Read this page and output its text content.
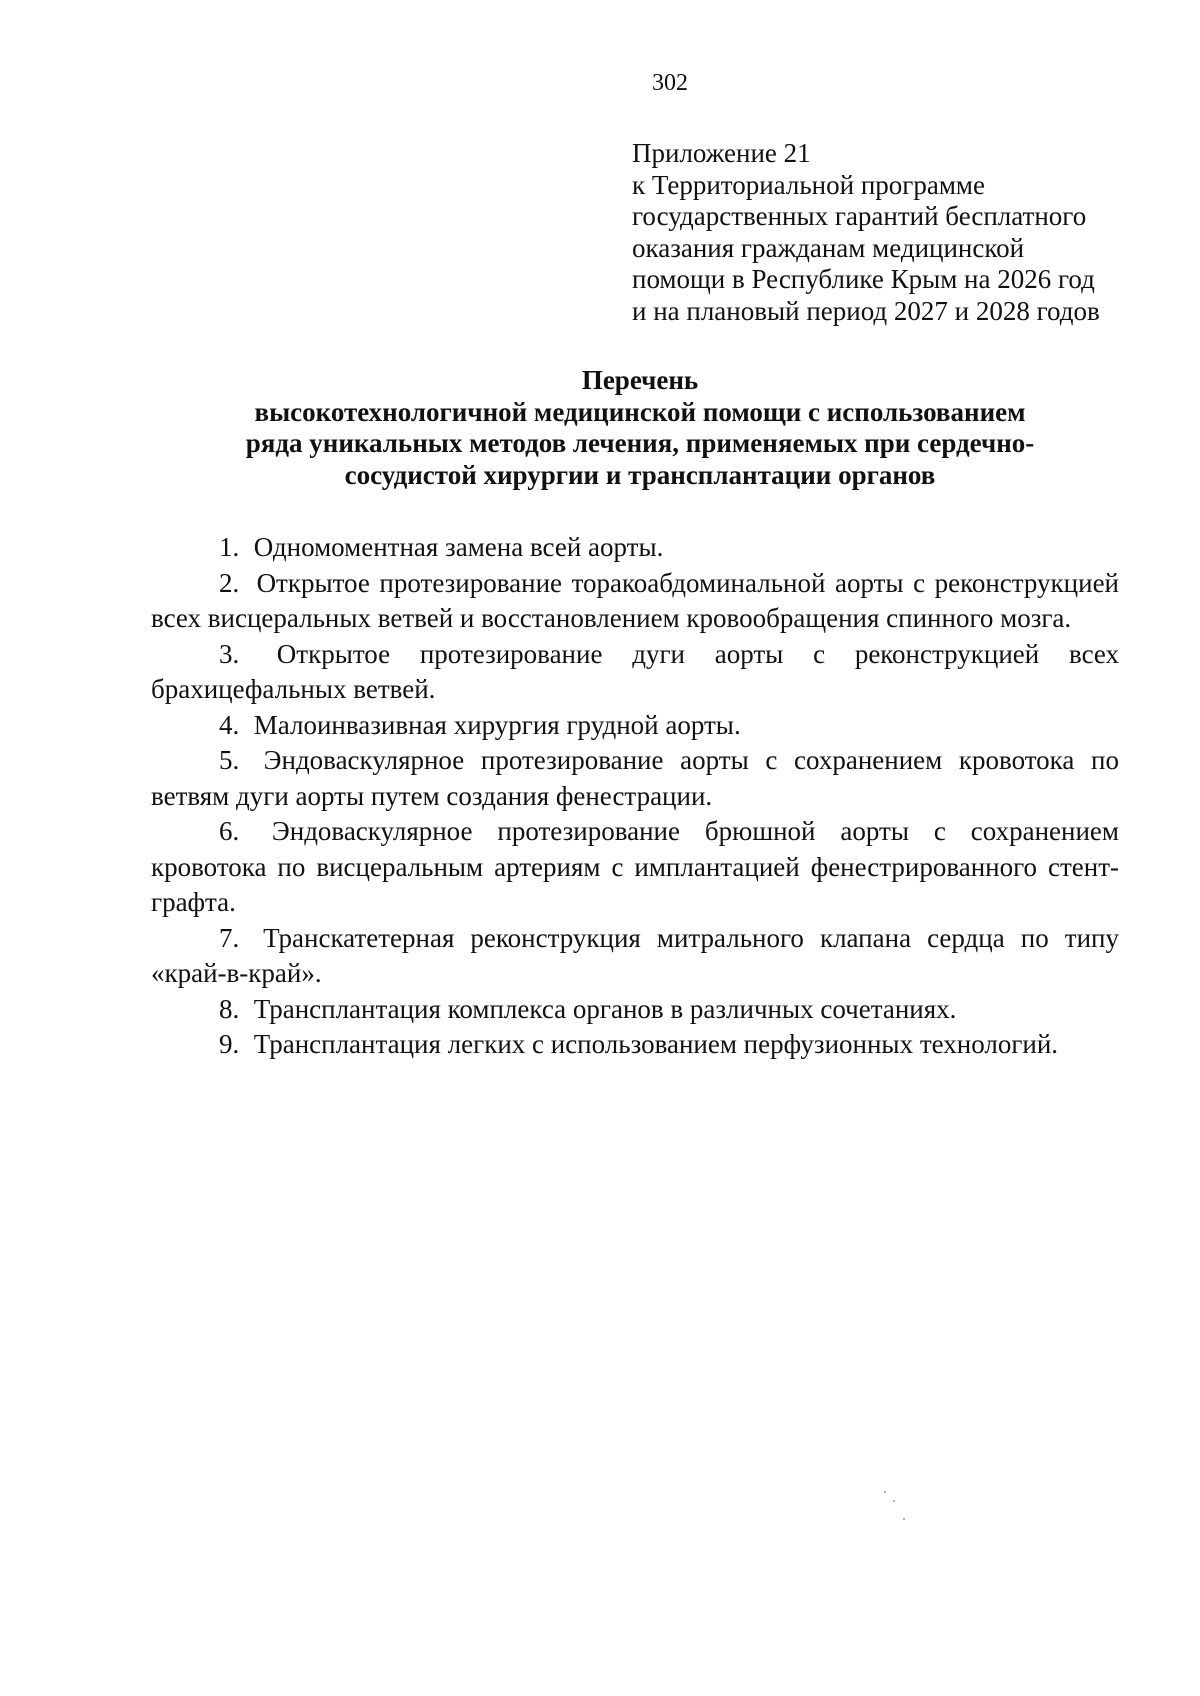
302
Приложение 21
к Территориальной программе
государственных гарантий бесплатного
оказания гражданам медицинской
помощи в Республике Крым на 2026 год
и на плановый период 2027 и 2028 годов
Перечень
высокотехнологичной медицинской помощи с использованием
ряда уникальных методов лечения, применяемых при сердечно-
сосудистой хирургии и трансплантации органов

1. Одномоментная замена всей аорты.

2. Открытое протезирование торакоабдоминальной аорты с реконструкцией всех висцеральных ветвей и восстановлением кровообращения спинного мозга.

3. Открытое протезирование дуги аорты с реконструкцией всех брахицефальных ветвей.

4. Малоинвазивная хирургия грудной аорты.

5. Эндоваскулярное протезирование аорты с сохранением кровотока по ветвям дуги аорты путем создания фенестрации.

6. Эндоваскулярное протезирование брюшной аорты с сохранением кровотока по висцеральным артериям с имплантацией фенестрированного стент-графта.

7. Транскатетерная реконструкция митрального клапана сердца по типу «край-в-край».

8. Трансплантация комплекса органов в различных сочетаниях.

9. Трансплантация легких с использованием перфузионных технологий.
